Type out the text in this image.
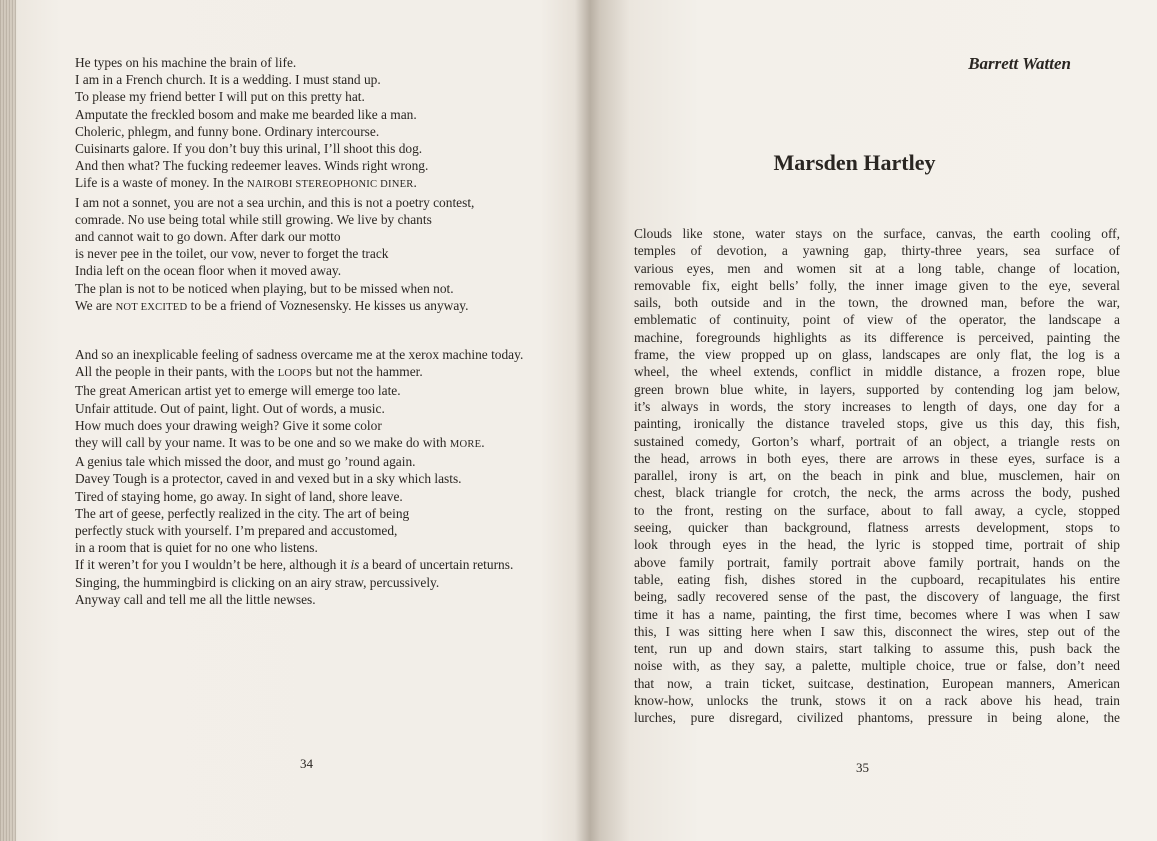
He types on his machine the brain of life.
I am in a French church. It is a wedding. I must stand up.
To please my friend better I will put on this pretty hat.
Amputate the freckled bosom and make me bearded like a man.
Choleric, phlegm, and funny bone. Ordinary intercourse.
Cuisinarts galore. If you don’t buy this urinal, I’ll shoot this dog.
And then what? The fucking redeemer leaves. Winds right wrong.
Life is a waste of money. In the NAIROBI STEREOPHONIC DINER.
I am not a sonnet, you are not a sea urchin, and this is not a poetry contest,
comrade. No use being total while still growing. We live by chants
and cannot wait to go down. After dark our motto
is never pee in the toilet, our vow, never to forget the track
India left on the ocean floor when it moved away.
The plan is not to be noticed when playing, but to be missed when not.
We are NOT EXCITED to be a friend of Voznesensky. He kisses us anyway.
And so an inexplicable feeling of sadness overcame me at the xerox machine today.
All the people in their pants, with the LOOPS but not the hammer.
The great American artist yet to emerge will emerge too late.
Unfair attitude. Out of paint, light. Out of words, a music.
How much does your drawing weigh? Give it some color
they will call by your name. It was to be one and so we make do with MORE.
A genius tale which missed the door, and must go ’round again.
Davey Tough is a protector, caved in and vexed but in a sky which lasts.
Tired of staying home, go away. In sight of land, shore leave.
The art of geese, perfectly realized in the city. The art of being
perfectly stuck with yourself. I’m prepared and accustomed,
in a room that is quiet for no one who listens.
If it weren’t for you I wouldn’t be here, although it is a beard of uncertain returns.
Singing, the hummingbird is clicking on an airy straw, percussively.
Anyway call and tell me all the little newses.
34
Barrett Watten
Marsden Hartley
Clouds like stone, water stays on the surface, canvas, the earth cooling off,
temples of devotion, a yawning gap, thirty-three years, sea surface of
various eyes, men and women sit at a long table, change of location,
removable fix, eight bells’ folly, the inner image given to the eye, several
sails, both outside and in the town, the drowned man, before the war,
emblematic of continuity, point of view of the operator, the landscape a
machine, foregrounds highlights as its difference is perceived, painting the
frame, the view propped up on glass, landscapes are only flat, the log is a
wheel, the wheel extends, conflict in middle distance, a frozen rope, blue
green brown blue white, in layers, supported by contending log jam below,
it’s always in words, the story increases to length of days, one day for a
painting, ironically the distance traveled stops, give us this day, this fish,
sustained comedy, Gorton’s wharf, portrait of an object, a triangle rests on
the head, arrows in both eyes, there are arrows in these eyes, surface is a
parallel, irony is art, on the beach in pink and blue, musclemen, hair on
chest, black triangle for crotch, the neck, the arms across the body, pushed
to the front, resting on the surface, about to fall away, a cycle, stopped
seeing, quicker than background, flatness arrests development, stops to
look through eyes in the head, the lyric is stopped time, portrait of ship
above family portrait, family portrait above family portrait, hands on the
table, eating fish, dishes stored in the cupboard, recapitulates his entire
being, sadly recovered sense of the past, the discovery of language, the first
time it has a name, painting, the first time, becomes where I was when I saw
this, I was sitting here when I saw this, disconnect the wires, step out of the
tent, run up and down stairs, start talking to assume this, push back the
noise with, as they say, a palette, multiple choice, true or false, don’t need
that now, a train ticket, suitcase, destination, European manners, American
know-how, unlocks the trunk, stows it on a rack above his head, train
lurches, pure disregard, civilized phantoms, pressure in being alone, the
35
